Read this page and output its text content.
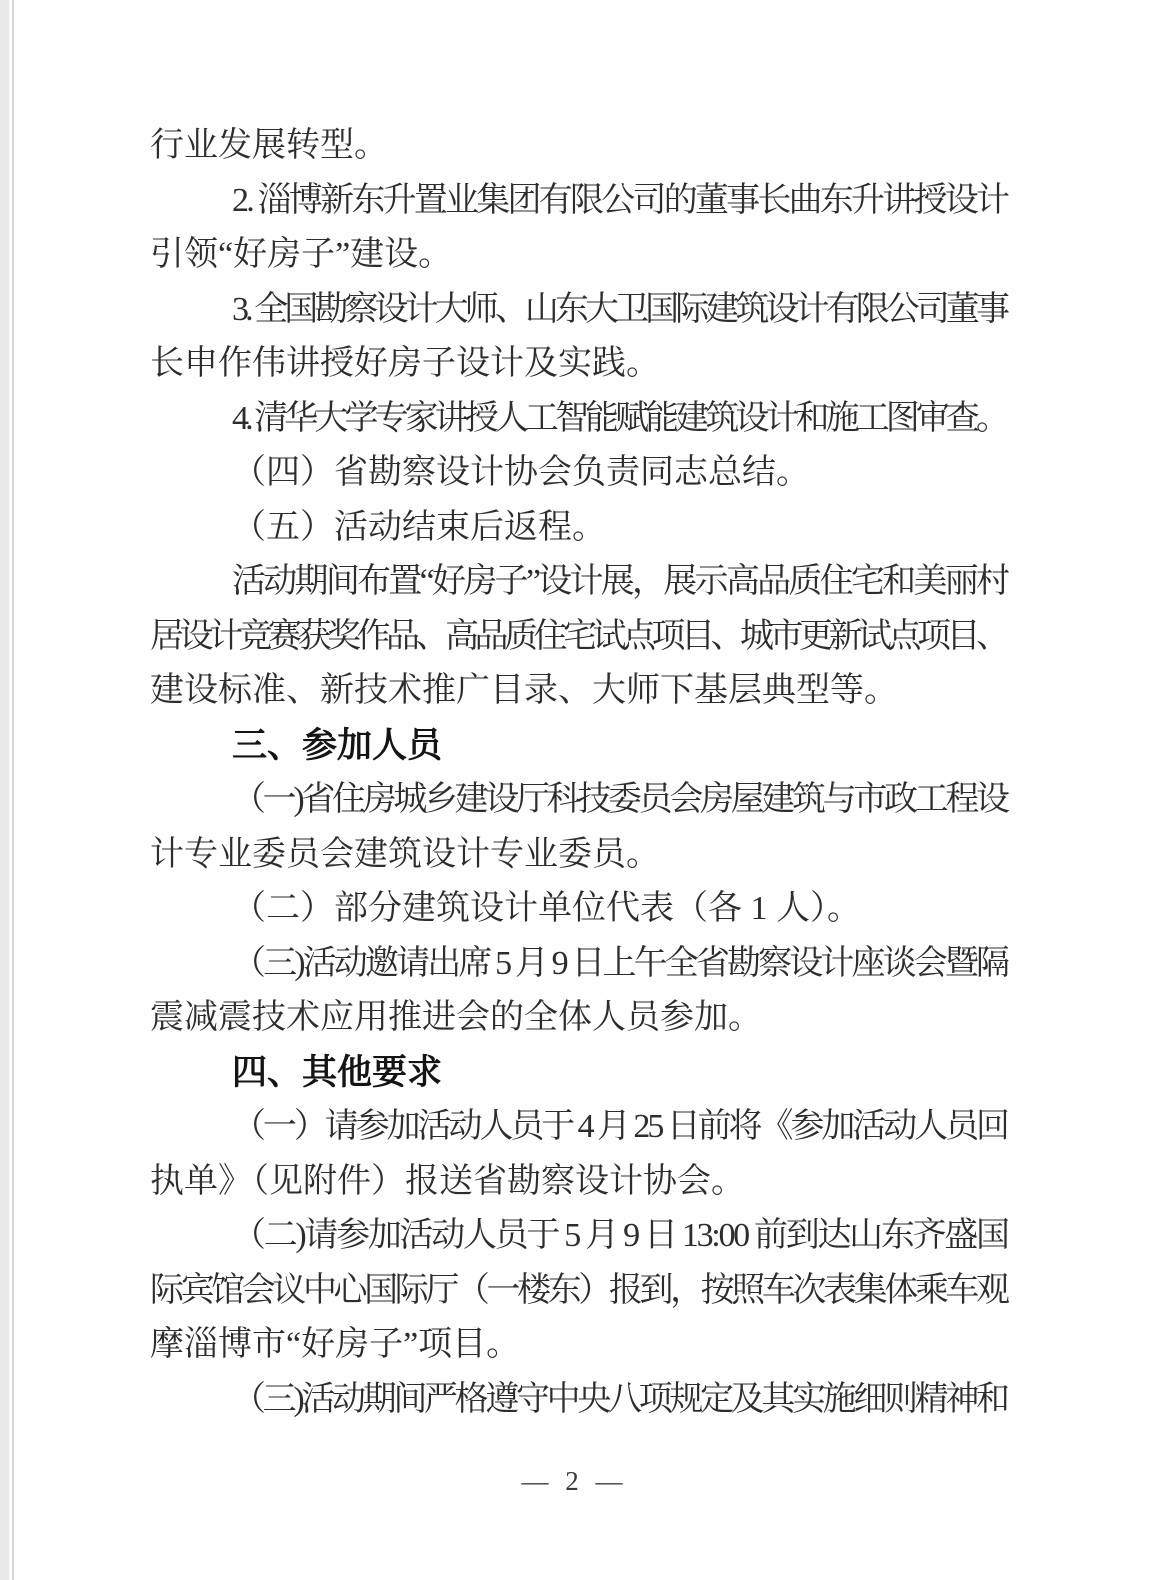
行业发展转型。
2. 淄博新东升置业集团有限公司的董事长曲东升讲授设计
引领“好房子”建设。
3. 全国勘察设计大师、山东大卫国际建筑设计有限公司董事
长申作伟讲授好房子设计及实践。
4. 清华大学专家讲授人工智能赋能建筑设计和施工图审查。
（四）省勘察设计协会负责同志总结。
（五）活动结束后返程。
活动期间布置“好房子”设计展，展示高品质住宅和美丽村
居设计竞赛获奖作品、高品质住宅试点项目、城市更新试点项目、
建设标准、新技术推广目录、大师下基层典型等。
三、参加人员
（一)省住房城乡建设厅科技委员会房屋建筑与市政工程设
计专业委员会建筑设计专业委员。
（二）部分建筑设计单位代表（各 1 人）。
（三)活动邀请出席 5 月 9 日上午全省勘察设计座谈会暨隔
震减震技术应用推进会的全体人员参加。
四、其他要求
（一）请参加活动人员于 4 月 25 日前将《参加活动人员回
执单》（见附件）报送省勘察设计协会。
（二)请参加活动人员于 5 月 9 日 13:00 前到达山东齐盛国
际宾馆会议中心国际厅（一楼东）报到，按照车次表集体乘车观
摩淄博市“好房子”项目。
（三)活动期间严格遵守中央八项规定及其实施细则精神和
— 2 —
